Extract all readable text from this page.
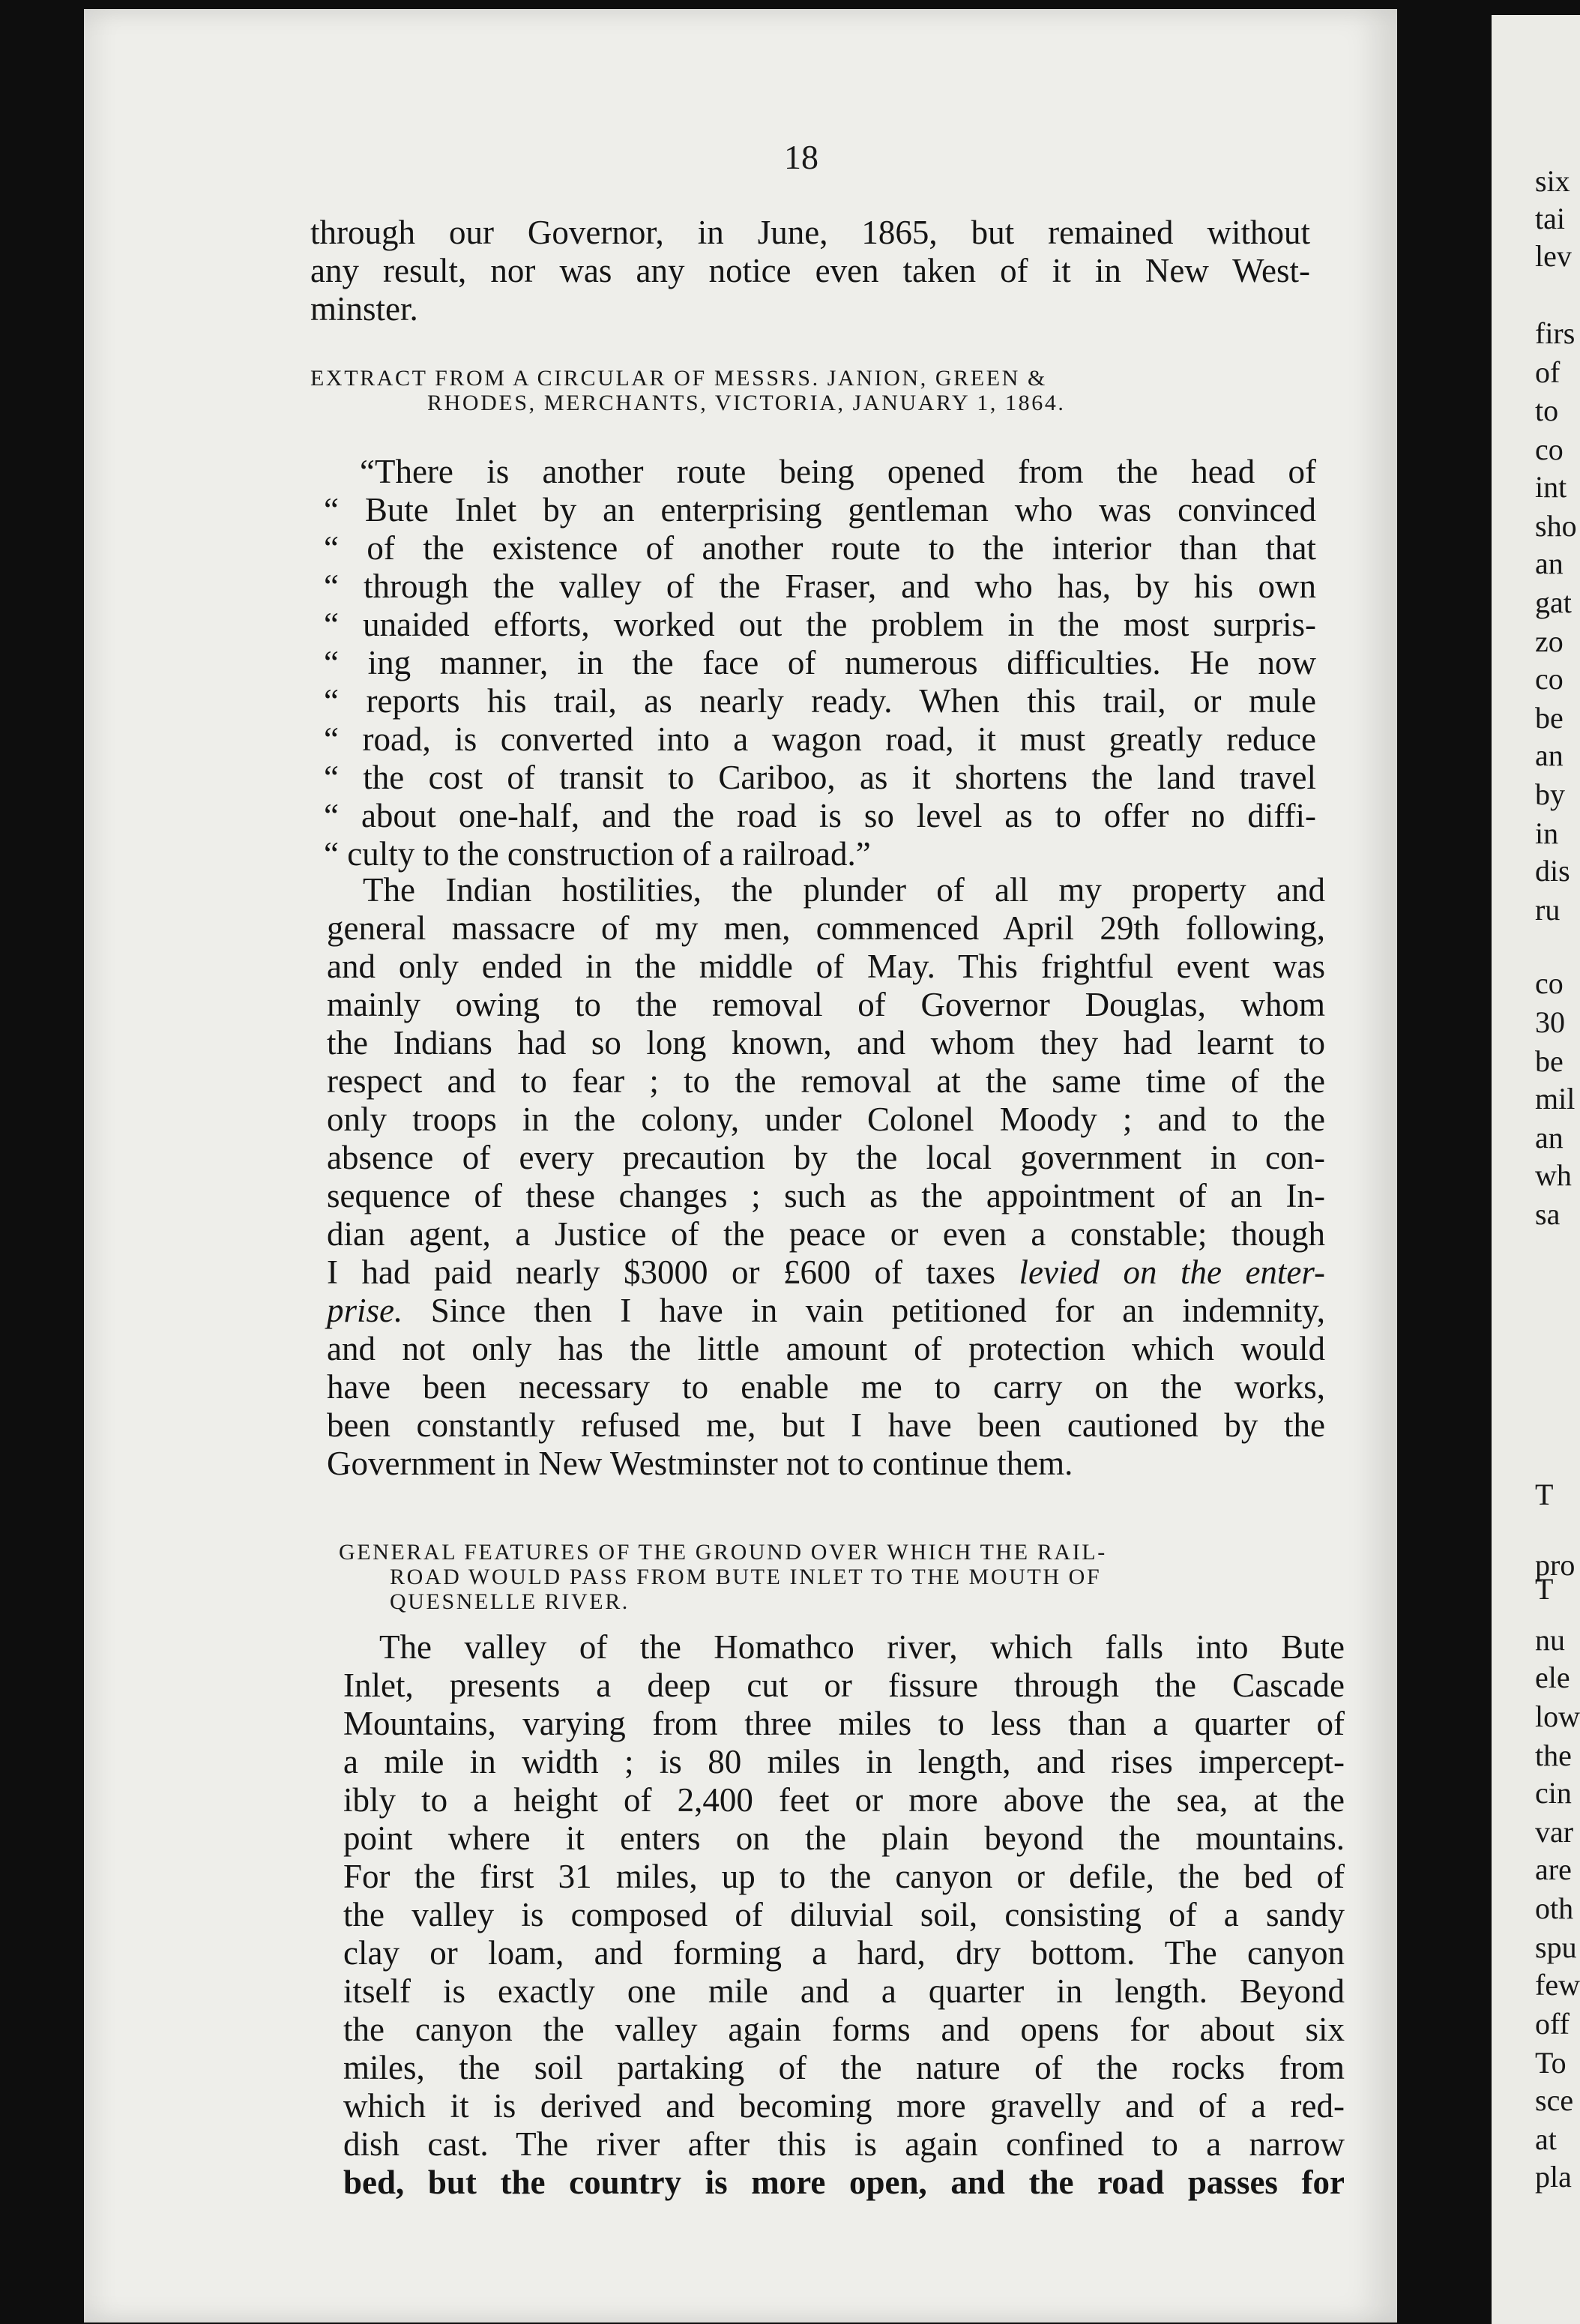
six
tai
lev
firs
of
to
co
int
sho
an
gat
zo
co
be
an
by
in
dis
ru
co
30
be
mil
an
wh
sa
T
pro
T
nu
ele
low
the
cin
var
are
oth
spu
few
off
To
sce
at
pla
18
through our Governor, in June, 1865, but remained without
any result, nor was any notice even taken of it in New West-
minster.
EXTRACT FROM A CIRCULAR OF MESSRS. JANION, GREEN &
RHODES, MERCHANTS, VICTORIA, JANUARY 1, 1864.
“There is another route being opened from the head of
“ Bute Inlet by an enterprising gentleman who was convinced
“ of the existence of another route to the interior than that
“ through the valley of the Fraser, and who has, by his own
“ unaided efforts, worked out the problem in the most surpris-
“ ing manner, in the face of numerous difficulties. He now
“ reports his trail, as nearly ready. When this trail, or mule
“ road, is converted into a wagon road, it must greatly reduce
“ the cost of transit to Cariboo, as it shortens the land travel
“ about one-half, and the road is so level as to offer no diffi-
“ culty to the construction of a railroad.”
The Indian hostilities, the plunder of all my property and
general massacre of my men, commenced April 29th following,
and only ended in the middle of May. This frightful event was
mainly owing to the removal of Governor Douglas, whom
the Indians had so long known, and whom they had learnt to
respect and to fear ; to the removal at the same time of the
only troops in the colony, under Colonel Moody ; and to the
absence of every precaution by the local government in con-
sequence of these changes ; such as the appointment of an In-
dian agent, a Justice of the peace or even a constable; though
I had paid nearly $3000 or £600 of taxes levied on the enter-
prise. Since then I have in vain petitioned for an indemnity,
and not only has the little amount of protection which would
have been necessary to enable me to carry on the works,
been constantly refused me, but I have been cautioned by the
Government in New Westminster not to continue them.
GENERAL FEATURES OF THE GROUND OVER WHICH THE RAIL-
ROAD WOULD PASS FROM BUTE INLET TO THE MOUTH OF
QUESNELLE RIVER.
The valley of the Homathco river, which falls into Bute
Inlet, presents a deep cut or fissure through the Cascade
Mountains, varying from three miles to less than a quarter of
a mile in width ; is 80 miles in length, and rises impercept-
ibly to a height of 2,400 feet or more above the sea, at the
point where it enters on the plain beyond the mountains.
For the first 31 miles, up to the canyon or defile, the bed of
the valley is composed of diluvial soil, consisting of a sandy
clay or loam, and forming a hard, dry bottom. The canyon
itself is exactly one mile and a quarter in length. Beyond
the canyon the valley again forms and opens for about six
miles, the soil partaking of the nature of the rocks from
which it is derived and becoming more gravelly and of a red-
dish cast. The river after this is again confined to a narrow
bed, but the country is more open, and the road passes for
